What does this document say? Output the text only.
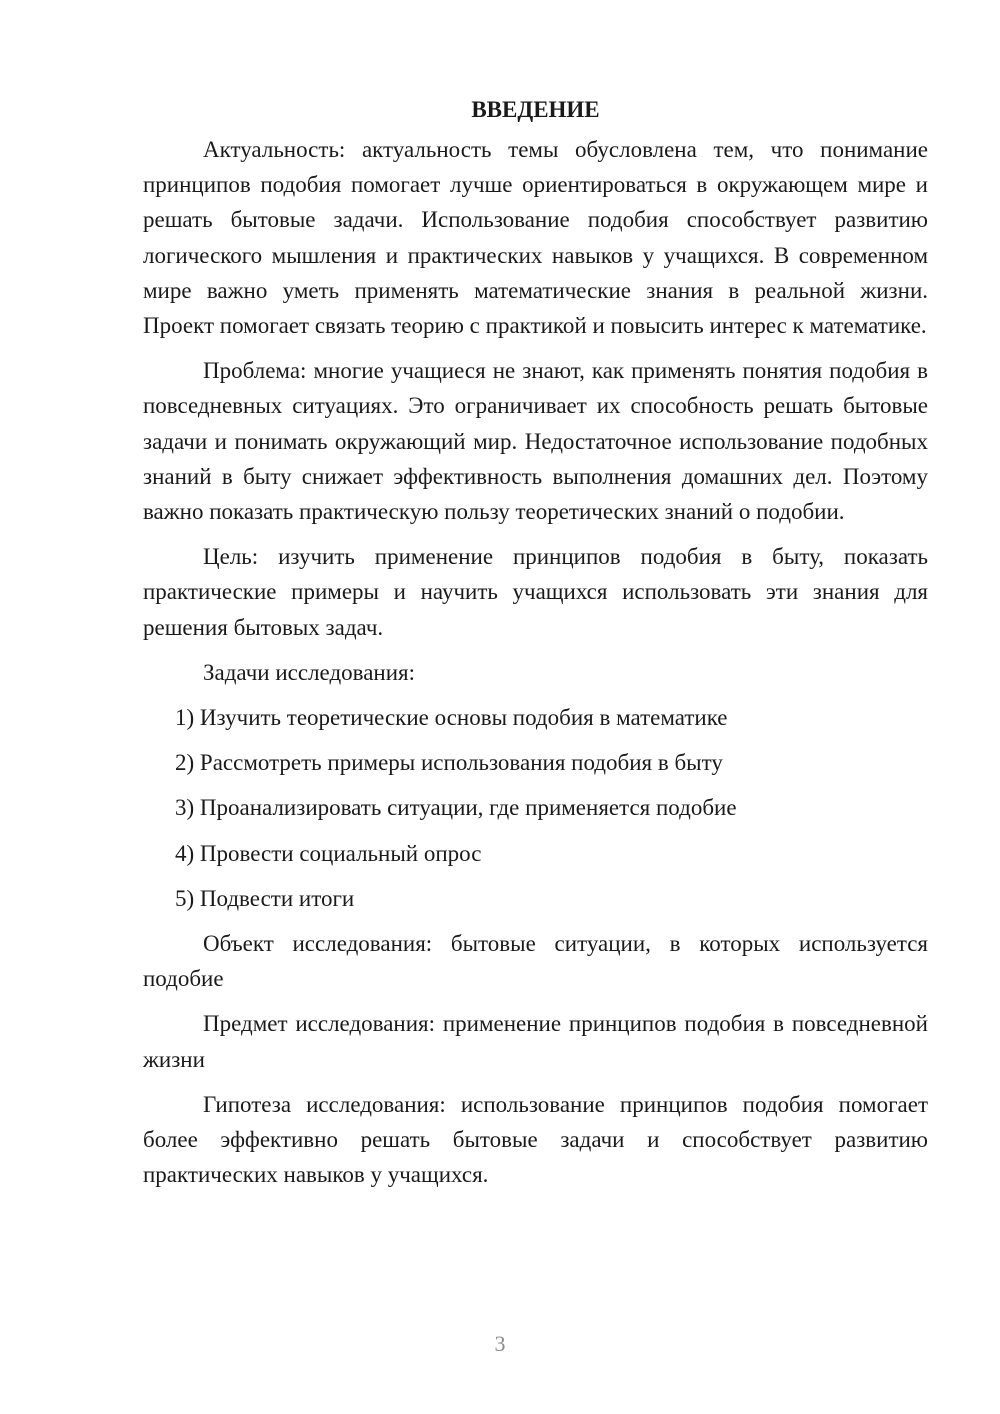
ВВЕДЕНИЕ

Актуальность: актуальность темы обусловлена тем, что понимание принципов подобия помогает лучше ориентироваться в окружающем мире и решать бытовые задачи. Использование подобия способствует развитию логического мышления и практических навыков у учащихся. В современном мире важно уметь применять математические знания в реальной жизни. Проект помогает связать теорию с практикой и повысить интерес к математике.

Проблема: многие учащиеся не знают, как применять понятия подобия в повседневных ситуациях. Это ограничивает их способность решать бытовые задачи и понимать окружающий мир. Недостаточное использование подобных знаний в быту снижает эффективность выполнения домашних дел. Поэтому важно показать практическую пользу теоретических знаний о подобии.

Цель: изучить применение принципов подобия в быту, показать практические примеры и научить учащихся использовать эти знания для решения бытовых задач.

Задачи исследования:

1) Изучить теоретические основы подобия в математике
2) Рассмотреть примеры использования подобия в быту
3) Проанализировать ситуации, где применяется подобие
4) Провести социальный опрос
5) Подвести итоги

Объект исследования: бытовые ситуации, в которых используется подобие

Предмет исследования: применение принципов подобия в повседневной жизни

Гипотеза исследования: использование принципов подобия помогает более эффективно решать бытовые задачи и способствует развитию практических навыков у учащихся.

3
